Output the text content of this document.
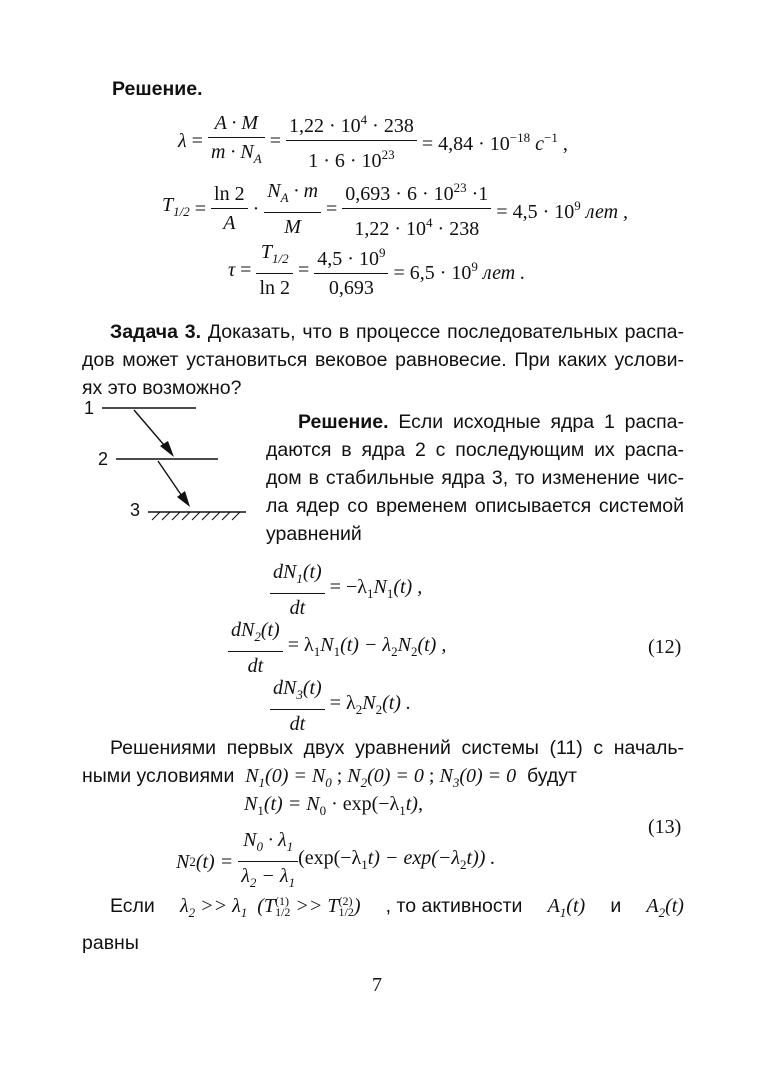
Решение.
$\lambda = \frac{A \cdot M}{m \cdot N_A} = \frac{1,22 \cdot 10^4 \cdot 238}{1 \cdot 6 \cdot 10^{23}} = 4,84 \cdot 10^{-18}$ $c^{-1}$ ,
$T_{1/2} = \frac{\ln 2}{A} \cdot \frac{N_A \cdot m}{M} = \frac{0,693 \cdot 6 \cdot 10^{23} \cdot 1}{1,22 \cdot 10^4 \cdot 238} = 4,5 \cdot 10^9$ лет ,
$\tau = \frac{T_{1/2}}{\ln 2} = \frac{4,5 \cdot 10^9}{0,693} = 6,5 \cdot 10^9$ лет .
Задача 3. Доказать, что в процессе последовательных распа-
дов может установиться вековое равновесие. При каких услови-
ях это возможно?
1
2
3
Решение. Если исходные ядра 1 распа-
даются в ядра 2 с последующим их распа-
дом в стабильные ядра 3, то изменение чис-
ла ядер со временем описывается системой
уравнений
$\frac{dN_1(t)}{dt} = -\lambda_1N_1(t)$ ,
$\frac{dN_2(t)}{dt} = \lambda_1N_1(t) - \lambda_2N_2(t)$ ,	(12)
$\frac{dN_3(t)}{dt} = \lambda_2N_2(t)$ .
Решениями первых двух уравнений системы (11) с началь-
ными условиями $N_1(0) = N_0$ ; $N_2(0) = 0$ ; $N_3(0) = 0$ будут
$N_1(t) = N_0 \cdot \exp(-\lambda_1t)$,
(13)
N 2 (t) =
$\frac{N_0 \cdot \lambda_1}{\lambda_2 - \lambda_1} (\exp(-\lambda_1t) - \exp(-\lambda_2t))$ .
Если $\lambda_2 >> \lambda_1$ (T (1)
1/2 >> T (2)
1/2 ) , то активности $A_1(t)$ и $A_2(t)$
равны
7
